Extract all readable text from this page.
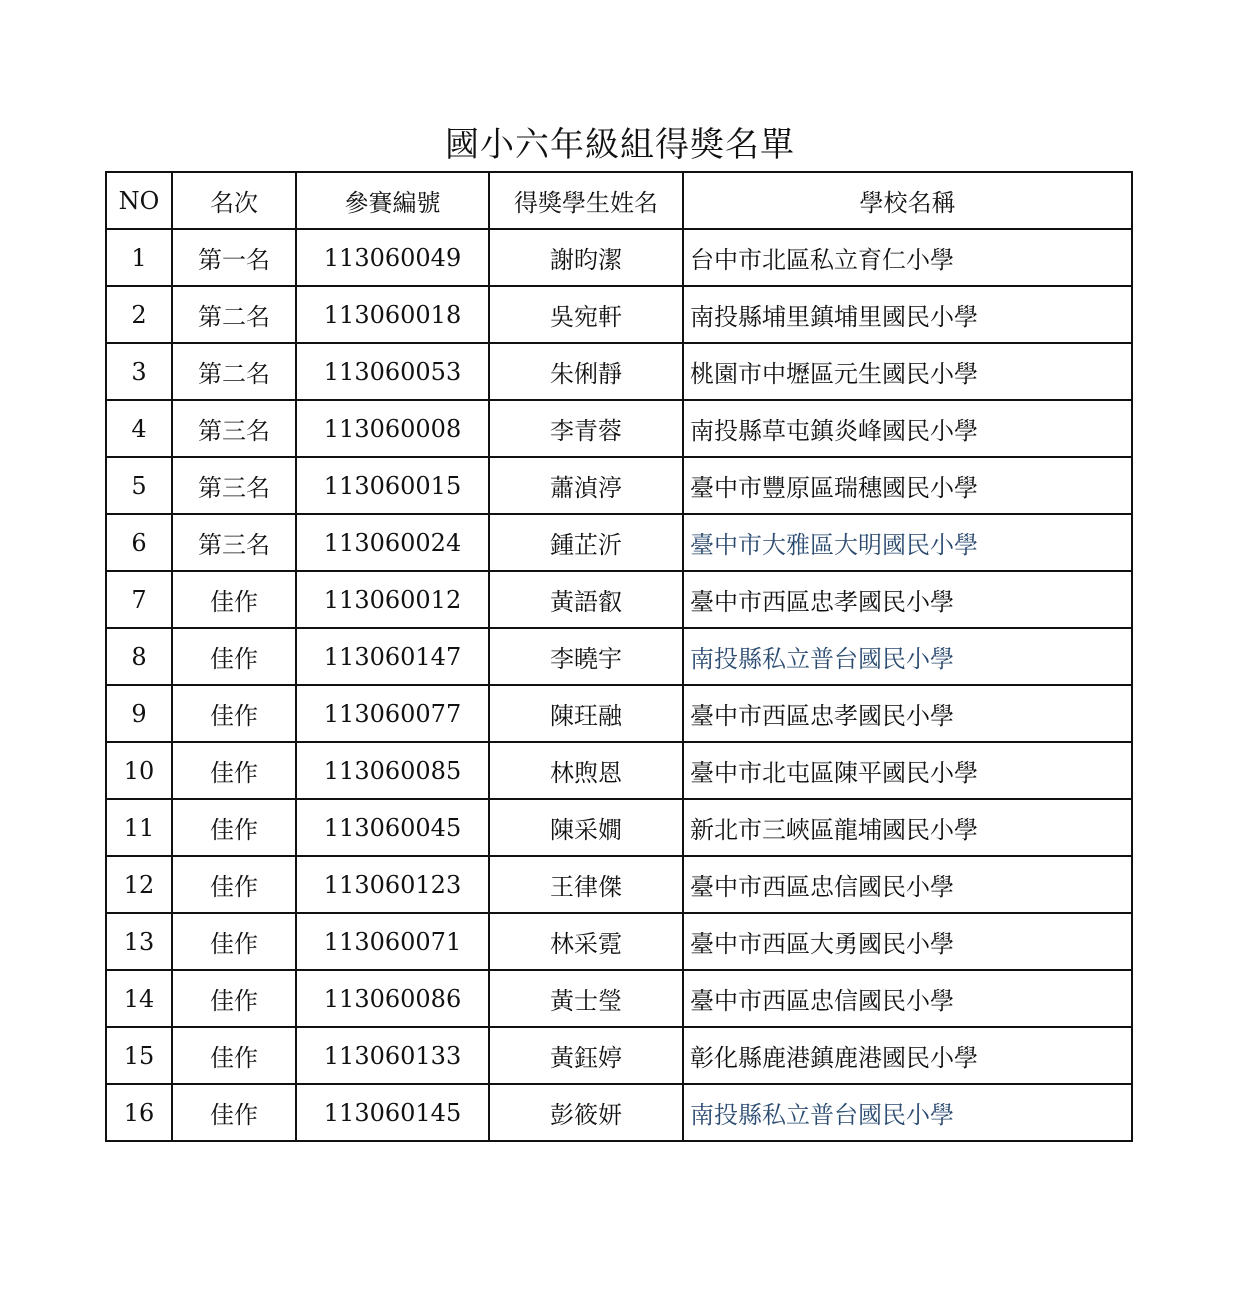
國小六年級組得獎名單
NO	名次	參賽編號	得獎學生姓名	學校名稱
1	第一名	113060049	謝昀潔	台中市北區私立育仁小學
2	第二名	113060018	吳宛軒	南投縣埔里鎮埔里國民小學
3	第二名	113060053	朱俐靜	桃園市中壢區元生國民小學
4	第三名	113060008	李青蓉	南投縣草屯鎮炎峰國民小學
5	第三名	113060015	蕭湞渟	臺中市豐原區瑞穗國民小學
6	第三名	113060024	鍾芷沂	臺中市大雅區大明國民小學
7	佳作	113060012	黃語叡	臺中市西區忠孝國民小學
8	佳作	113060147	李曉宇	南投縣私立普台國民小學
9	佳作	113060077	陳玨融	臺中市西區忠孝國民小學
10	佳作	113060085	林煦恩	臺中市北屯區陳平國民小學
11	佳作	113060045	陳采嫺	新北市三峽區龍埔國民小學
12	佳作	113060123	王律傑	臺中市西區忠信國民小學
13	佳作	113060071	林采霓	臺中市西區大勇國民小學
14	佳作	113060086	黃士瑩	臺中市西區忠信國民小學
15	佳作	113060133	黃鈺婷	彰化縣鹿港鎮鹿港國民小學
16	佳作	113060145	彭筱妍	南投縣私立普台國民小學
